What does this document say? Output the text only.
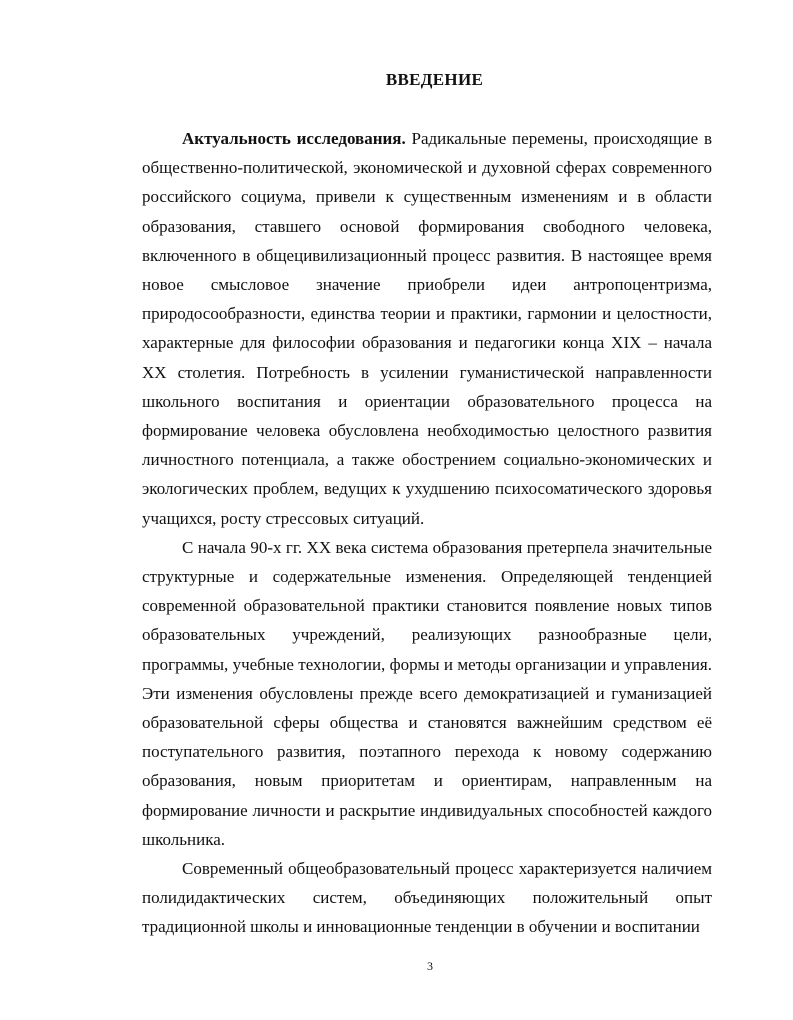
ВВЕДЕНИЕ

Актуальность исследования. Радикальные перемены, происходящие в общественно-политической, экономической и духовной сферах современного российского социума, привели к существенным изменениям и в области образования, ставшего основой формирования свободного человека, включенного в общецивилизационный процесс развития. В настоящее время новое смысловое значение приобрели идеи антропоцентризма, природосообразности, единства теории и практики, гармонии и целостности, характерные для философии образования и педагогики конца XIX – начала XX столетия. Потребность в усилении гуманистической направленности школьного воспитания и ориентации образовательного процесса на формирование человека обусловлена необходимостью целостного развития личностного потенциала, а также обострением социально-экономических и экологических проблем, ведущих к ухудшению психосоматического здоровья учащихся, росту стрессовых ситуаций.

С начала 90-х гг. XX века система образования претерпела значительные структурные и содержательные изменения. Определяющей тенденцией современной образовательной практики становится появление новых типов образовательных учреждений, реализующих разнообразные цели, программы, учебные технологии, формы и методы организации и управления. Эти изменения обусловлены прежде всего демократизацией и гуманизацией образовательной сферы общества и становятся важнейшим средством её поступательного развития, поэтапного перехода к новому содержанию образования, новым приоритетам и ориентирам, направленным на формирование личности и раскрытие индивидуальных способностей каждого школьника.

Современный общеобразовательный процесс характеризуется наличием полидидактических систем, объединяющих положительный опыт традиционной школы и инновационные тенденции в обучении и воспитании

3
